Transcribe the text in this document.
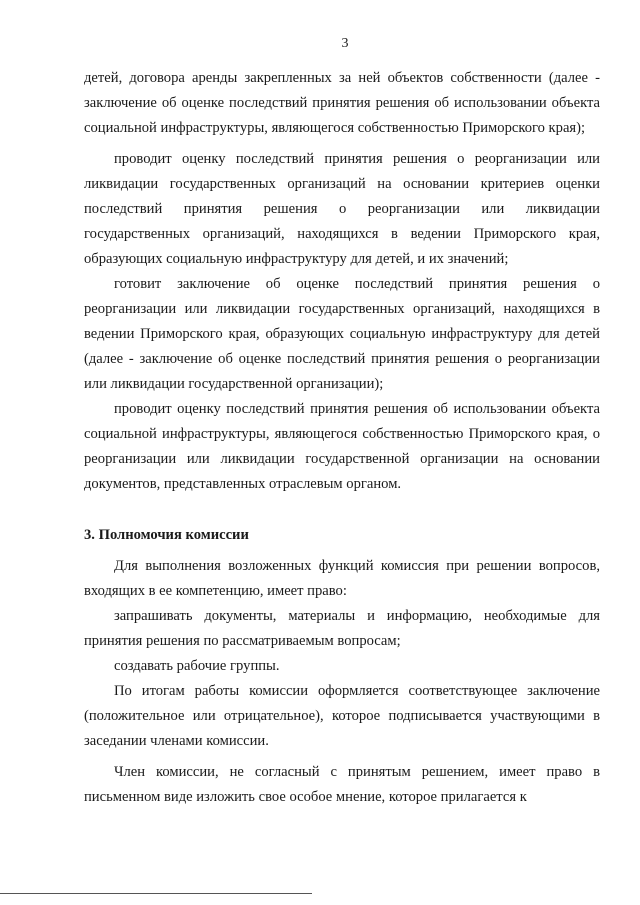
3

детей, договора аренды закрепленных за ней объектов собственности (далее - заключение об оценке последствий принятия решения об использовании объекта социальной инфраструктуры, являющегося собственностью Приморского края);

проводит оценку последствий принятия решения о реорганизации или ликвидации государственных организаций на основании критериев оценки последствий принятия решения о реорганизации или ликвидации государственных организаций, находящихся в ведении Приморского края, образующих социальную инфраструктуру для детей, и их значений;

готовит заключение об оценке последствий принятия решения о реорганизации или ликвидации государственных организаций, находящихся в ведении Приморского края, образующих социальную инфраструктуру для детей (далее - заключение об оценке последствий принятия решения о реорганизации или ликвидации государственной организации);

проводит оценку последствий принятия решения об использовании объекта социальной инфраструктуры, являющегося собственностью Приморского края, о реорганизации или ликвидации государственной организации на основании документов, представленных отраслевым органом.

3. Полномочия комиссии

Для выполнения возложенных функций комиссия при решении вопросов, входящих в ее компетенцию, имеет право:

запрашивать документы, материалы и информацию, необходимые для принятия решения по рассматриваемым вопросам;

создавать рабочие группы.

По итогам работы комиссии оформляется соответствующее заключение (положительное или отрицательное), которое подписывается участвующими в заседании членами комиссии.

Член комиссии, не согласный с принятым решением, имеет право в письменном виде изложить свое особое мнение, которое прилагается к
